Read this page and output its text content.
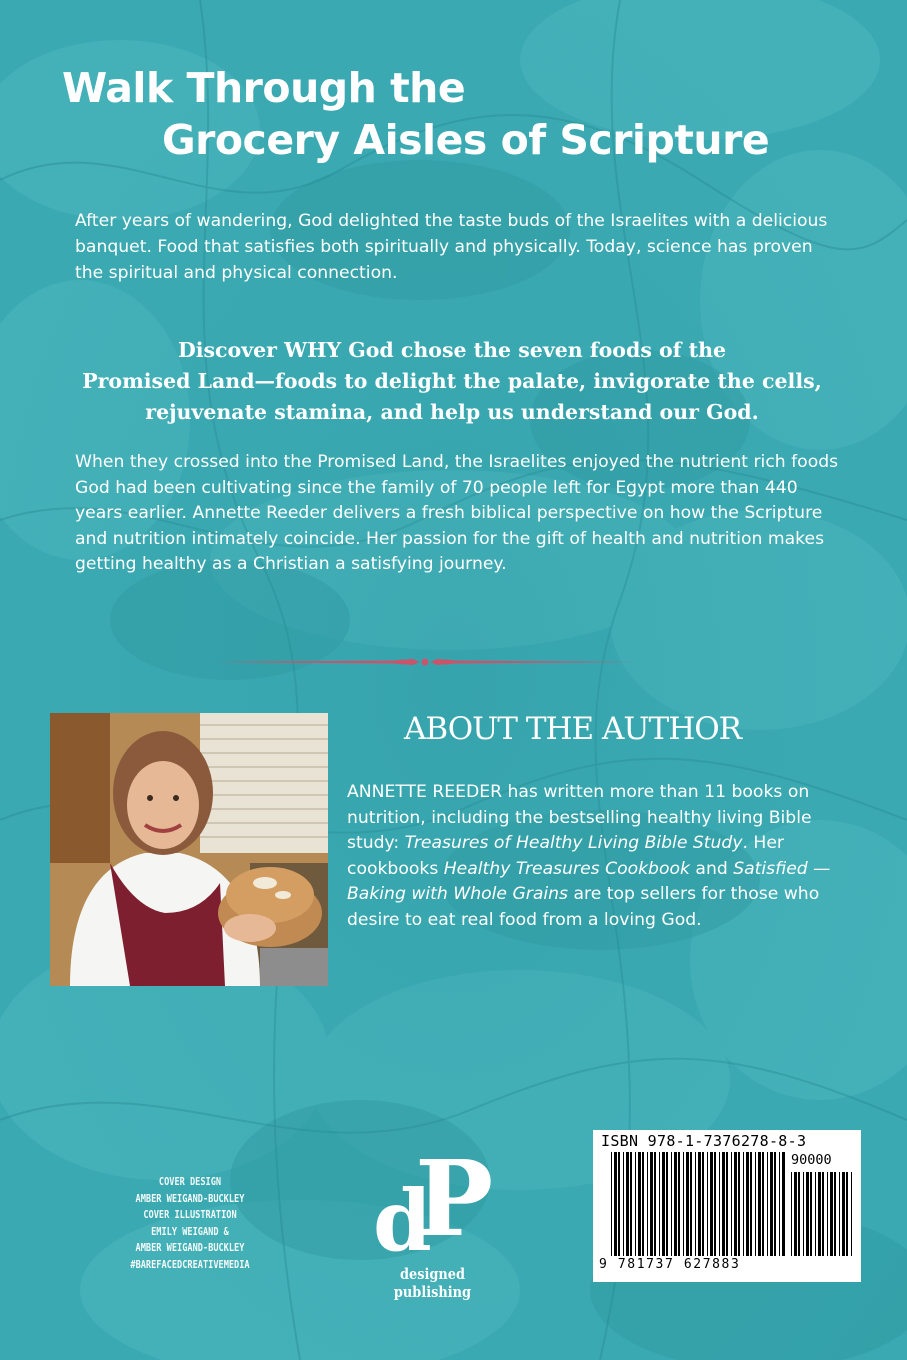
Walk Through the
Grocery Aisles of Scripture
After years of wandering, God delighted the taste buds of the Israelites with a delicious banquet. Food that satisfies both spiritually and physically. Today, science has proven the spiritual and physical connection.
Discover WHY God chose the seven foods of the
Promised Land—foods to delight the palate, invigorate the cells,
rejuvenate stamina, and help us understand our God.
When they crossed into the Promised Land, the Israelites enjoyed the nutrient rich foods God had been cultivating since the family of 70 people left for Egypt more than 440 years earlier. Annette Reeder delivers a fresh biblical perspective on how the Scripture and nutrition intimately coincide. Her passion for the gift of health and nutrition makes getting healthy as a Christian a satisfying journey.
ABOUT THE AUTHOR
ANNETTE REEDER has written more than 11 books on nutrition, including the bestselling healthy living Bible study: Treasures of Healthy Living Bible Study. Her cookbooks Healthy Treasures Cookbook and Satisfied — Baking with Whole Grains are top sellers for those who desire to eat real food from a loving God.
COVER DESIGN
AMBER WEIGAND-BUCKLEY
COVER ILLUSTRATION
EMILY WEIGAND &
AMBER WEIGAND-BUCKLEY
#BAREFACEDCREATIVEMEDIA d
P
designed publishing
ISBN 978-1-7376278-8-3
90000
9 781737 627883
